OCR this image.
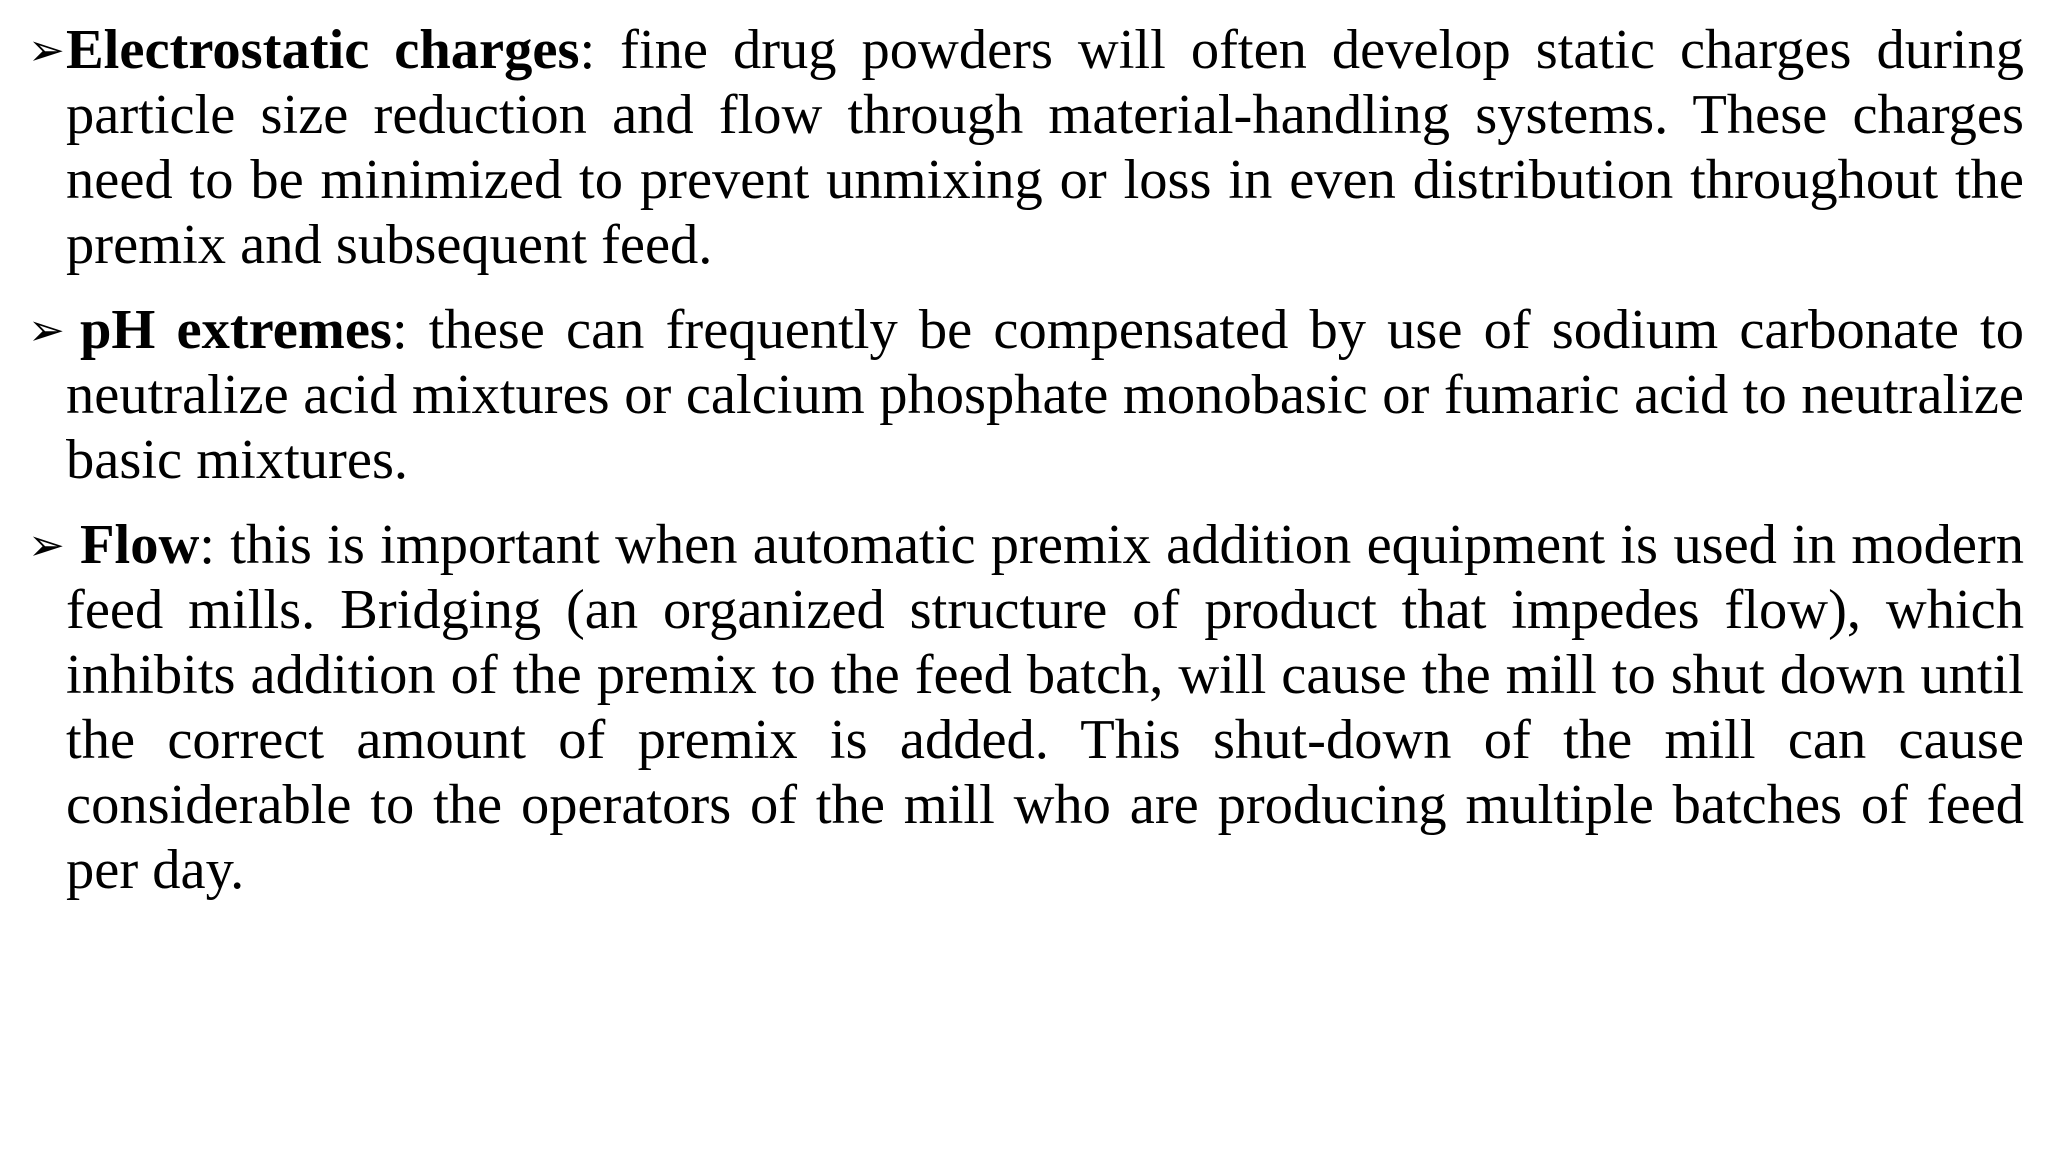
➢ Electrostatic charges: fine drug powders will often develop static charges during particle size reduction and flow through material-handling systems. These charges need to be minimized to prevent unmixing or loss in even distribution throughout the premix and subsequent feed.
➢ pH extremes: these can frequently be compensated by use of sodium carbonate to neutralize acid mixtures or calcium phosphate monobasic or fumaric acid to neutralize basic mixtures.
➢ Flow: this is important when automatic premix addition equipment is used in modern feed mills. Bridging (an organized structure of product that impedes flow), which inhibits addition of the premix to the feed batch, will cause the mill to shut down until the correct amount of premix is added. This shut-down of the mill can cause considerable to the operators of the mill who are producing multiple batches of feed per day.
